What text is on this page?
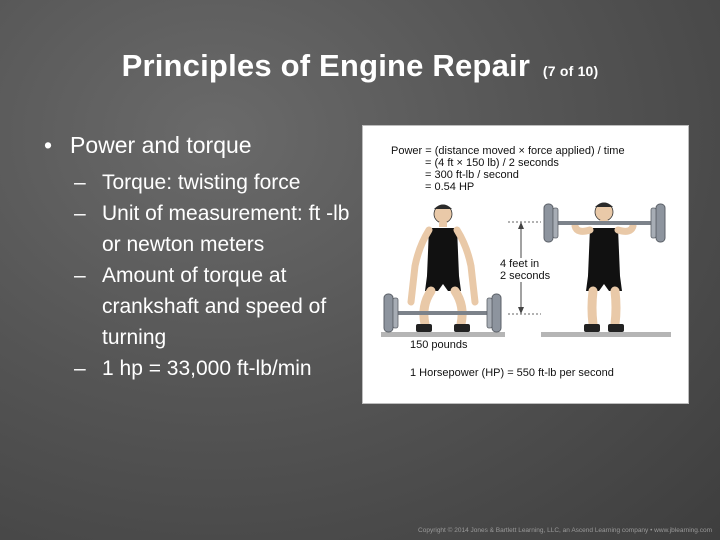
Principles of Engine Repair (7 of 10)
• Power and torque
– Torque: twisting force
– Unit of measurement: ft -lb or newton meters
– Amount of torque at crankshaft and speed of turning
– 1 hp = 33,000 ft-lb/min
Power = (distance moved × force applied) / time
= (4 ft × 150 lb) / 2 seconds
= 300 ft-lb / second
= 0.54 HP
4 feet in
2 seconds
150 pounds
1 Horsepower (HP) = 550 ft-lb per second
Copyright © 2014 Jones & Bartlett Learning, LLC, an Ascend Learning company • www.jblearning.com
